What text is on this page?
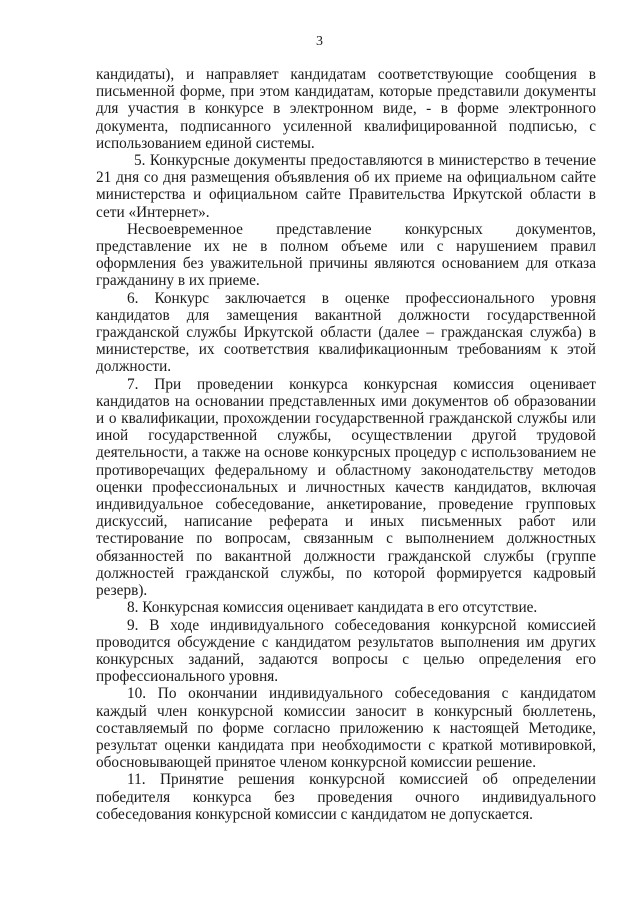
3

кандидаты), и направляет кандидатам соответствующие сообщения в письменной форме, при этом кандидатам, которые представили документы для участия в конкурсе в электронном виде, - в форме электронного документа, подписанного усиленной квалифицированной подписью, с использованием единой системы.

5. Конкурсные документы предоставляются в министерство в течение 21 дня со дня размещения объявления об их приеме на официальном сайте министерства и официальном сайте Правительства Иркутской области в сети «Интернет».

Несвоевременное представление конкурсных документов, представление их не в полном объеме или с нарушением правил оформления без уважительной причины являются основанием для отказа гражданину в их приеме.

6. Конкурс заключается в оценке профессионального уровня кандидатов для замещения вакантной должности государственной гражданской службы Иркутской области (далее – гражданская служба) в министерстве, их соответствия квалификационным требованиям к этой должности.

7. При проведении конкурса конкурсная комиссия оценивает кандидатов на основании представленных ими документов об образовании и о квалификации, прохождении государственной гражданской службы или иной государственной службы, осуществлении другой трудовой деятельности, а также на основе конкурсных процедур с использованием не противоречащих федеральному и областному законодательству методов оценки профессиональных и личностных качеств кандидатов, включая индивидуальное собеседование, анкетирование, проведение групповых дискуссий, написание реферата и иных письменных работ или тестирование по вопросам, связанным с выполнением должностных обязанностей по вакантной должности гражданской службы (группе должностей гражданской службы, по которой формируется кадровый резерв).

8. Конкурсная комиссия оценивает кандидата в его отсутствие.

9. В ходе индивидуального собеседования конкурсной комиссией проводится обсуждение с кандидатом результатов выполнения им других конкурсных заданий, задаются вопросы с целью определения его профессионального уровня.

10. По окончании индивидуального собеседования с кандидатом каждый член конкурсной комиссии заносит в конкурсный бюллетень, составляемый по форме согласно приложению к настоящей Методике, результат оценки кандидата при необходимости с краткой мотивировкой, обосновывающей принятое членом конкурсной комиссии решение.

11. Принятие решения конкурсной комиссией об определении победителя конкурса без проведения очного индивидуального собеседования конкурсной комиссии с кандидатом не допускается.
